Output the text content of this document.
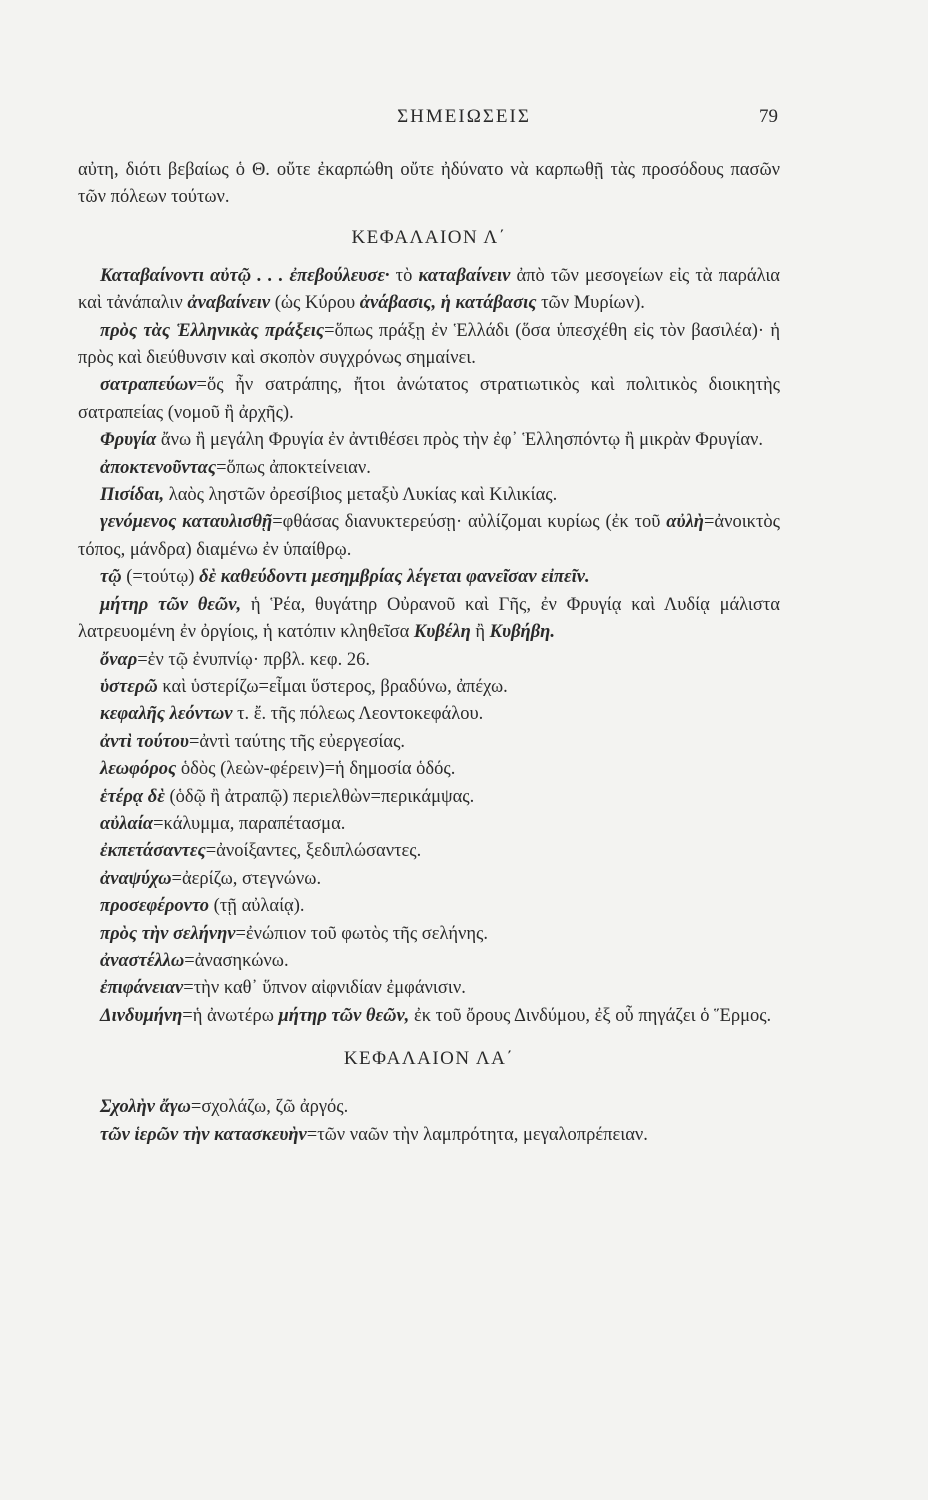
ΣΗΜΕΙΩΣΕΙΣ	79

αὐτη, διότι βεβαίως ὁ Θ. οὔτε ἐκαρπώθη οὔτε ἠδύνατο νὰ καρπωθῇ τὰς προσόδους πασῶν τῶν πόλεων τούτων.

ΚΕΦΑΛΑΙΟΝ Λ΄

Καταβαίνοντι αὐτῷ . . . ἐπεβούλευσε· τὸ καταβαίνειν ἀπὸ τῶν μεσογείων εἰς τὰ παράλια καὶ τἀνάπαλιν ἀναβαίνειν (ὡς Κύρου ἀνάβασις, ἡ κατάβασις τῶν Μυρίων).

πρὸς τὰς Ἑλληνικὰς πράξεις=ὅπως πράξῃ ἐν Ἑλλάδι (ὅσα ὑπεσχέθη εἰς τὸν βασιλέα)· ἡ πρὸς καὶ διεύθυνσιν καὶ σκοπὸν συγχρόνως σημαίνει.

σατραπεύων=ὅς ἦν σατράπης, ἤτοι ἀνώτατος στρατιωτικὸς καὶ πολιτικὸς διοικητὴς σατραπείας (νομοῦ ἢ ἀρχῆς).

Φρυγία ἄνω ἢ μεγάλη Φρυγία ἐν ἀντιθέσει πρὸς τὴν ἐφ᾿ Ἑλλησπόντῳ ἢ μικρὰν Φρυγίαν.

ἀποκτενοῦντας=ὅπως ἀποκτείνειαν.

Πισίδαι, λαὸς ληστῶν ὀρεσίβιος μεταξὺ Λυκίας καὶ Κιλικίας.

γενόμενος καταυλισθῇ=φθάσας διανυκτερεύσῃ· αὐλίζομαι κυρίως (ἐκ τοῦ αὐλὴ=ἀνοικτὸς τόπος, μάνδρα) διαμένω ἐν ὑπαίθρῳ.

τῷ (=τούτῳ) δὲ καθεύδοντι μεσημβρίας λέγεται φανεῖσαν εἰπεῖν.

μήτηρ τῶν θεῶν, ἡ Ῥέα, θυγάτηρ Οὐρανοῦ καὶ Γῆς, ἐν Φρυγίᾳ καὶ Λυδίᾳ μάλιστα λατρευομένη ἐν ὀργίοις, ἡ κατόπιν κληθεῖσα Κυβέλη ἢ Κυβήβη.

ὄναρ=ἐν τῷ ἐνυπνίῳ· πρβλ. κεφ. 26.

ὑστερῶ καὶ ὑστερίζω=εἶμαι ὕστερος, βραδύνω, ἀπέχω.

κεφαλῆς λεόντων τ. ἔ. τῆς πόλεως Λεοντοκεφάλου.

ἀντὶ τούτου=ἀντὶ ταύτης τῆς εὐεργεσίας.

λεωφόρος ὁδὸς (λεὼν-φέρειν)=ἡ δημοσία ὁδός.

ἑτέρᾳ δὲ (ὁδῷ ἢ ἀτραπῷ) περιελθὼν=περικάμψας.

αὐλαία=κάλυμμα, παραπέτασμα.

ἐκπετάσαντες=ἀνοίξαντες, ξεδιπλώσαντες.

ἀναψύχω=ἀερίζω, στεγνώνω.

προσεφέροντο (τῇ αὐλαίᾳ).

πρὸς τὴν σελήνην=ἐνώπιον τοῦ φωτὸς τῆς σελήνης.

ἀναστέλλω=ἀνασηκώνω.

ἐπιφάνειαν=τὴν καθ᾿ ὕπνον αἰφνιδίαν ἐμφάνισιν.

Δινδυμήνη=ἡ ἀνωτέρω μήτηρ τῶν θεῶν, ἐκ τοῦ ὄρους Δινδύμου, ἐξ οὗ πηγάζει ὁ Ἕρμος.

ΚΕΦΑΛΑΙΟΝ ΛΑ΄

Σχολὴν ἄγω=σχολάζω, ζῶ ἀργός.

τῶν ἱερῶν τὴν κατασκευὴν=τῶν ναῶν τὴν λαμπρότητα, μεγαλοπρέπειαν.
